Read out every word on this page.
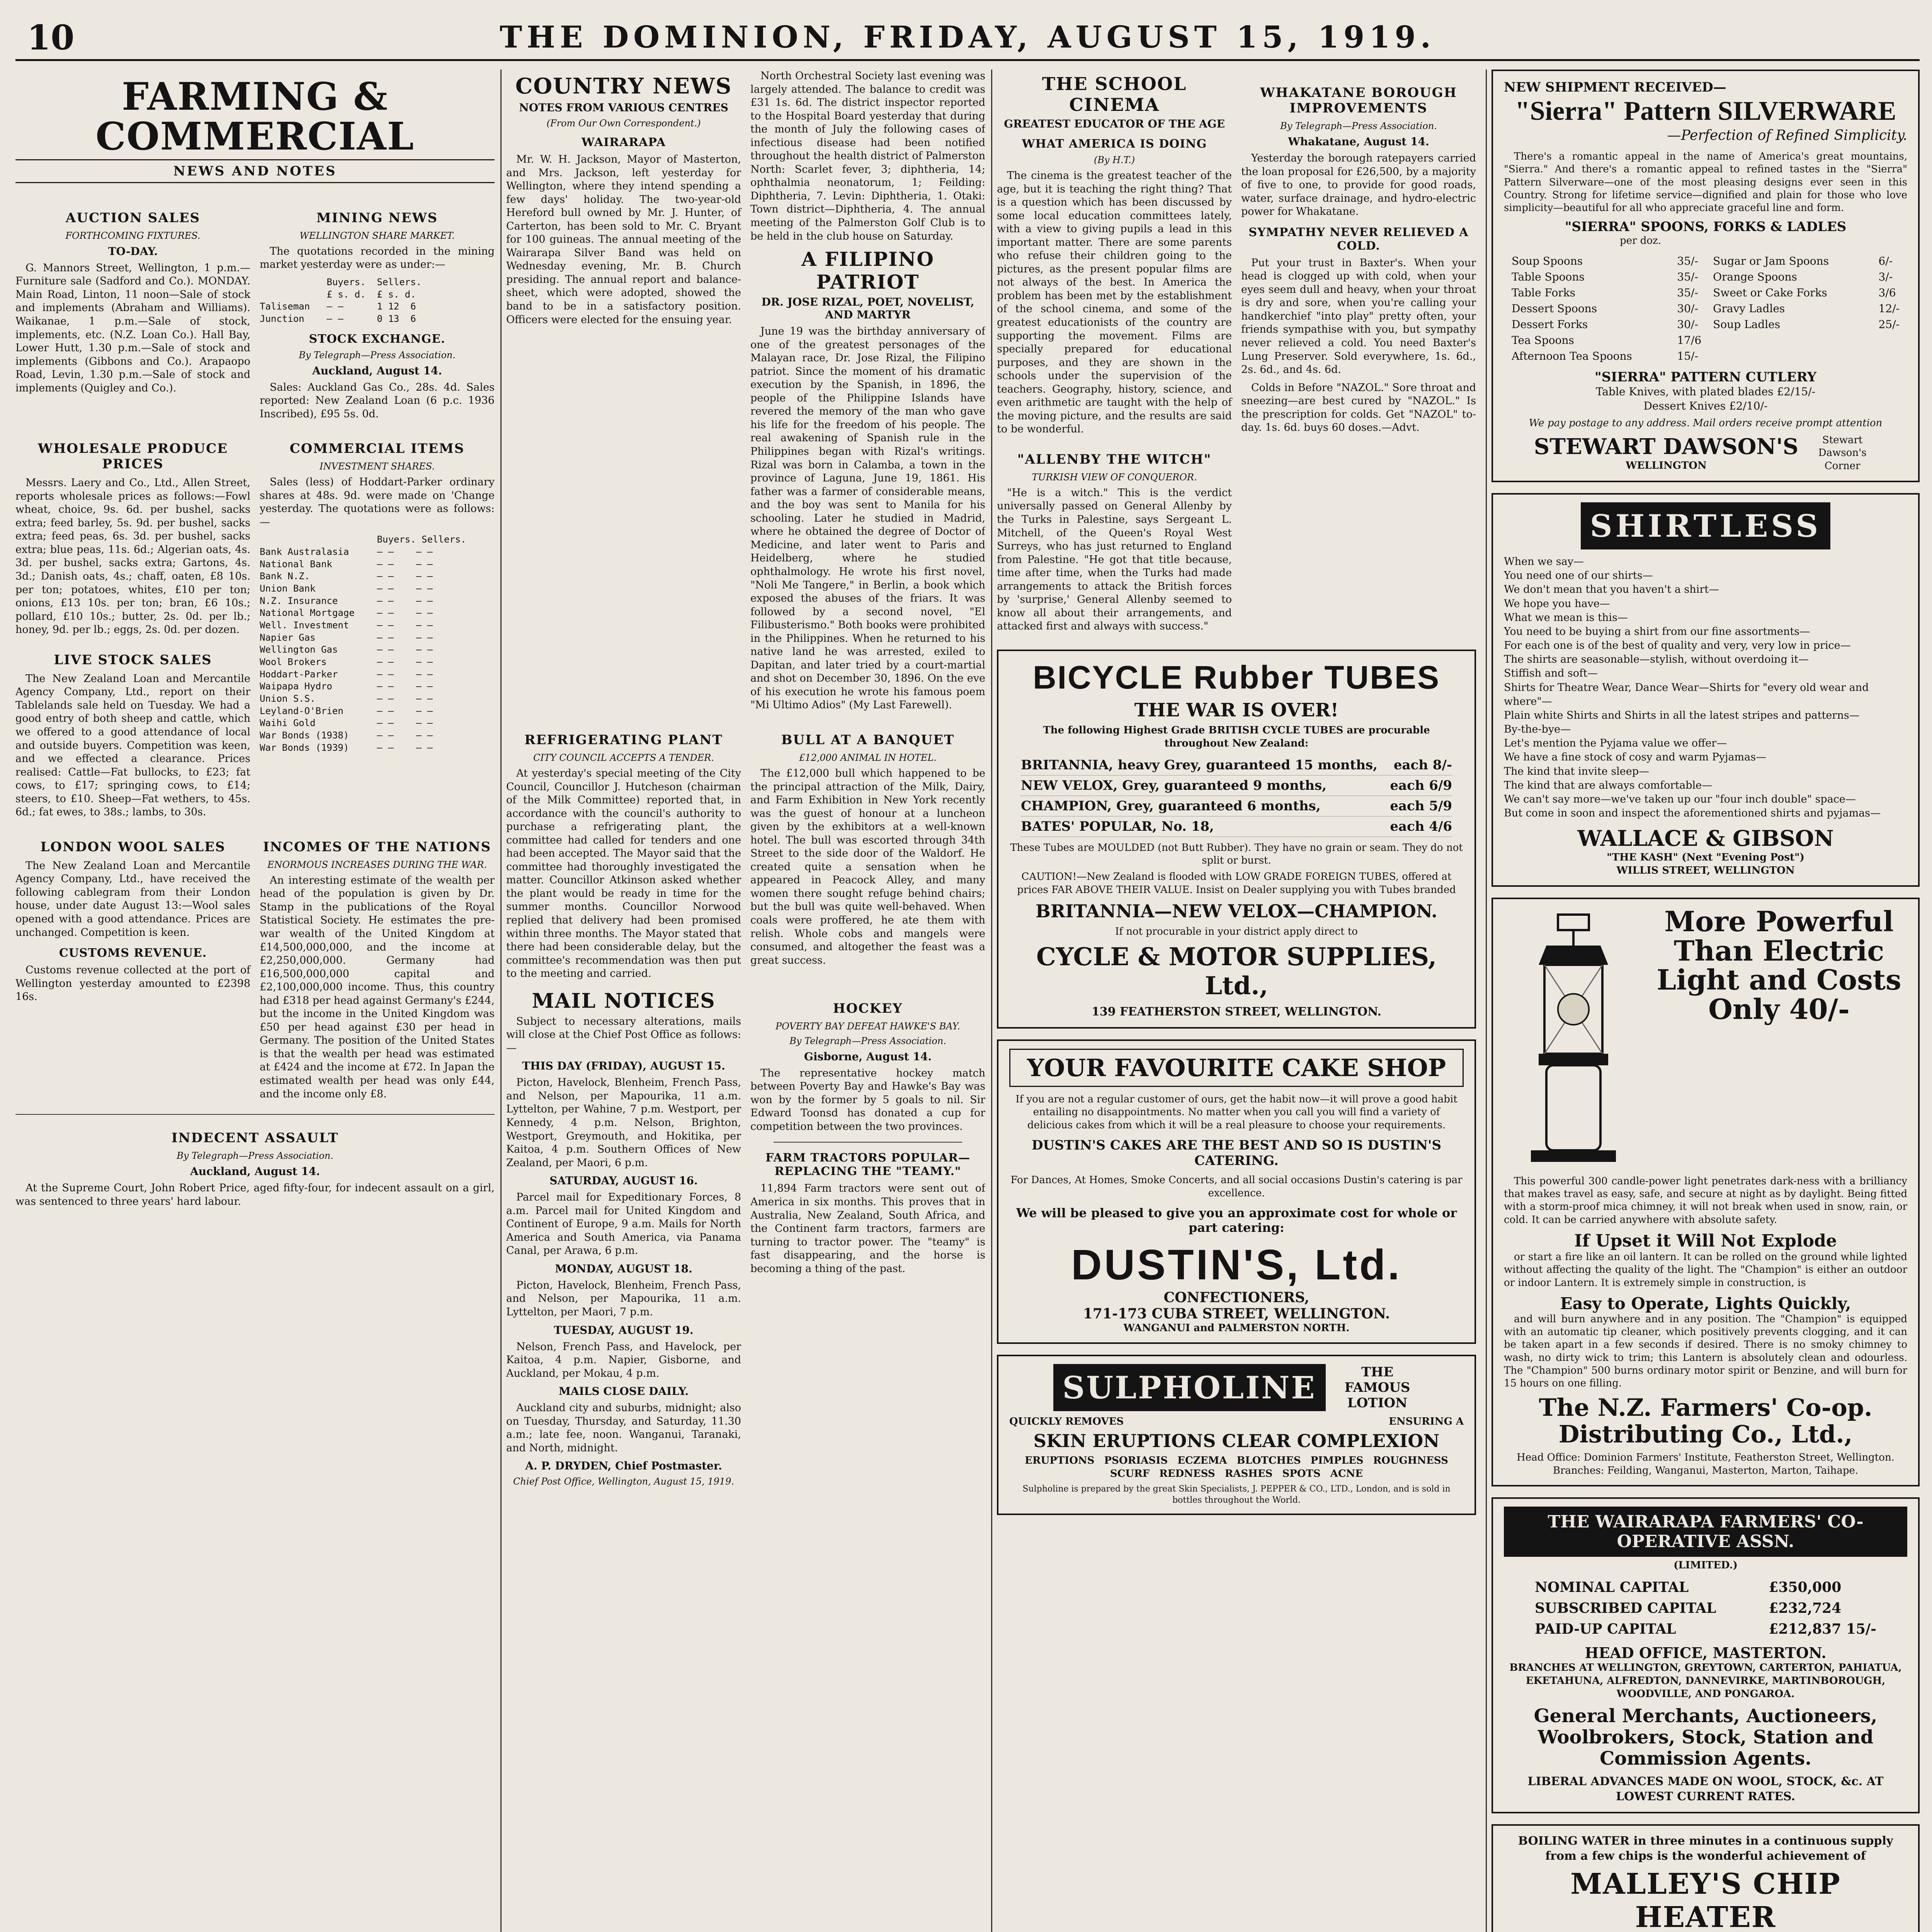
10	THE DOMINION, FRIDAY, AUGUST 15, 1919.
FARMING & COMMERCIAL
NEWS AND NOTES
AUCTION SALES
FORTHCOMING FIXTURES.
TO-DAY.

G. Mannors Street, Wellington, 1 p.m.—Furniture sale (Sadford and Co.). MONDAY. Main Road, Linton, 11 noon—Sale of stock and implements (Abraham and Williams). Waikanae, 1 p.m.—Sale of stock, implements, etc. (N.Z. Loan Co.). Hall Bay, Lower Hutt, 1.30 p.m.—Sale of stock and implements (Gibbons and Co.). Arapaopo Road, Levin, 1.30 p.m.—Sale of stock and implements (Quigley and Co.).

MINING NEWS
WELLINGTON SHARE MARKET.

The quotations recorded in the mining market yesterday were as under:—

Buyers.  Sellers.
£ s. d.  £ s. d.
Taliseman   — —      1 12  6
Junction    — —      0 13  6
STOCK EXCHANGE.
By Telegraph—Press Association.
Auckland, August 14.

Sales: Auckland Gas Co., 28s. 4d. Sales reported: New Zealand Loan (6 p.c. 1936 Inscribed), £95 5s. 0d.

WHOLESALE PRODUCE PRICES

Messrs. Laery and Co., Ltd., Allen Street, reports wholesale prices as follows:—Fowl wheat, choice, 9s. 6d. per bushel, sacks extra; feed barley, 5s. 9d. per bushel, sacks extra; feed peas, 6s. 3d. per bushel, sacks extra; blue peas, 11s. 6d.; Algerian oats, 4s. 3d. per bushel, sacks extra; Gartons, 4s. 3d.; Danish oats, 4s.; chaff, oaten, £8 10s. per ton; potatoes, whites, £10 per ton; onions, £13 10s. per ton; bran, £6 10s.; pollard, £10 10s.; butter, 2s. 0d. per lb.; honey, 9d. per lb.; eggs, 2s. 0d. per dozen.

LIVE STOCK SALES

The New Zealand Loan and Mercantile Agency Company, Ltd., report on their Tablelands sale held on Tuesday. We had a good entry of both sheep and cattle, which we offered to a good attendance of local and outside buyers. Competition was keen, and we effected a clearance. Prices realised: Cattle—Fat bullocks, to £23; fat cows, to £17; springing cows, to £14; steers, to £10. Sheep—Fat wethers, to 45s. 6d.; fat ewes, to 38s.; lambs, to 30s.

COMMERCIAL ITEMS
INVESTMENT SHARES.

Sales (less) of Hoddart-Parker ordinary shares at 48s. 9d. were made on 'Change yesterday. The quotations were as follows:—

Buyers. Sellers.
Bank Australasia     — —    — —
National Bank        — —    — —
Bank N.Z.            — —    — —
Union Bank           — —    — —
N.Z. Insurance       — —    — —
National Mortgage    — —    — —
Well. Investment     — —    — —
Napier Gas           — —    — —
Wellington Gas       — —    — —
Wool Brokers         — —    — —
Hoddart-Parker       — —    — —
Waipapa Hydro        — —    — —
Union S.S.           — —    — —
Leyland-O'Brien      — —    — —
Waihi Gold           — —    — —
War Bonds (1938)     — —    — —
War Bonds (1939)     — —    — —
LONDON WOOL SALES

The New Zealand Loan and Mercantile Agency Company, Ltd., have received the following cablegram from their London house, under date August 13:—Wool sales opened with a good attendance. Prices are unchanged. Competition is keen.

CUSTOMS REVENUE.

Customs revenue collected at the port of Wellington yesterday amounted to £2398 16s.

INCOMES OF THE NATIONS
ENORMOUS INCREASES DURING THE WAR.

An interesting estimate of the wealth per head of the population is given by Dr. Stamp in the publications of the Royal Statistical Society. He estimates the pre-war wealth of the United Kingdom at £14,500,000,000, and the income at £2,250,000,000. Germany had £16,500,000,000 capital and £2,100,000,000 income. Thus, this country had £318 per head against Germany's £244, but the income in the United Kingdom was £50 per head against £30 per head in Germany. The position of the United States is that the wealth per head was estimated at £424 and the income at £72. In Japan the estimated wealth per head was only £44, and the income only £8.

INDECENT ASSAULT
By Telegraph—Press Association.
Auckland, August 14.

At the Supreme Court, John Robert Price, aged fifty-four, for indecent assault on a girl, was sentenced to three years' hard labour.

COUNTRY NEWS
NOTES FROM VARIOUS CENTRES
(From Our Own Correspondent.)
WAIRARAPA

Mr. W. H. Jackson, Mayor of Masterton, and Mrs. Jackson, left yesterday for Wellington, where they intend spending a few days' holiday. The two-year-old Hereford bull owned by Mr. J. Hunter, of Carterton, has been sold to Mr. C. Bryant for 100 guineas. The annual meeting of the Wairarapa Silver Band was held on Wednesday evening, Mr. B. Church presiding. The annual report and balance-sheet, which were adopted, showed the band to be in a satisfactory position. Officers were elected for the ensuing year.

North Orchestral Society last evening was largely attended. The balance to credit was £31 1s. 6d. The district inspector reported to the Hospital Board yesterday that during the month of July the following cases of infectious disease had been notified throughout the health district of Palmerston North: Scarlet fever, 3; diphtheria, 14; ophthalmia neonatorum, 1; Feilding: Diphtheria, 7. Levin: Diphtheria, 1. Otaki: Town district—Diphtheria, 4. The annual meeting of the Palmerston Golf Club is to be held in the club house on Saturday.

A FILIPINO PATRIOT
DR. JOSE RIZAL, POET, NOVELIST, AND MARTYR

June 19 was the birthday anniversary of one of the greatest personages of the Malayan race, Dr. Jose Rizal, the Filipino patriot. Since the moment of his dramatic execution by the Spanish, in 1896, the people of the Philippine Islands have revered the memory of the man who gave his life for the freedom of his people. The real awakening of Spanish rule in the Philippines began with Rizal's writings. Rizal was born in Calamba, a town in the province of Laguna, June 19, 1861. His father was a farmer of considerable means, and the boy was sent to Manila for his schooling. Later he studied in Madrid, where he obtained the degree of Doctor of Medicine, and later went to Paris and Heidelberg, where he studied ophthalmology. He wrote his first novel, "Noli Me Tangere," in Berlin, a book which exposed the abuses of the friars. It was followed by a second novel, "El Filibusterismo." Both books were prohibited in the Philippines. When he returned to his native land he was arrested, exiled to Dapitan, and later tried by a court-martial and shot on December 30, 1896. On the eve of his execution he wrote his famous poem "Mi Ultimo Adios" (My Last Farewell).

REFRIGERATING PLANT
CITY COUNCIL ACCEPTS A TENDER.

At yesterday's special meeting of the City Council, Councillor J. Hutcheson (chairman of the Milk Committee) reported that, in accordance with the council's authority to purchase a refrigerating plant, the committee had called for tenders and one had been accepted. The Mayor said that the committee had thoroughly investigated the matter. Councillor Atkinson asked whether the plant would be ready in time for the summer months. Councillor Norwood replied that delivery had been promised within three months. The Mayor stated that there had been considerable delay, but the committee's recommendation was then put to the meeting and carried.

BULL AT A BANQUET
£12,000 ANIMAL IN HOTEL.

The £12,000 bull which happened to be the principal attraction of the Milk, Dairy, and Farm Exhibition in New York recently was the guest of honour at a luncheon given by the exhibitors at a well-known hotel. The bull was escorted through 34th Street to the side door of the Waldorf. He created quite a sensation when he appeared in Peacock Alley, and many women there sought refuge behind chairs; but the bull was quite well-behaved. When coals were proffered, he ate them with relish. Whole cobs and mangels were consumed, and altogether the feast was a great success.

MAIL NOTICES

Subject to necessary alterations, mails will close at the Chief Post Office as follows:—

THIS DAY (FRIDAY), AUGUST 15.

Picton, Havelock, Blenheim, French Pass, and Nelson, per Mapourika, 11 a.m. Lyttelton, per Wahine, 7 p.m. Westport, per Kennedy, 4 p.m. Nelson, Brighton, Westport, Greymouth, and Hokitika, per Kaitoa, 4 p.m. Southern Offices of New Zealand, per Maori, 6 p.m.

SATURDAY, AUGUST 16.

Parcel mail for Expeditionary Forces, 8 a.m. Parcel mail for United Kingdom and Continent of Europe, 9 a.m. Mails for North America and South America, via Panama Canal, per Arawa, 6 p.m.

MONDAY, AUGUST 18.

Picton, Havelock, Blenheim, French Pass, and Nelson, per Mapourika, 11 a.m. Lyttelton, per Maori, 7 p.m.

TUESDAY, AUGUST 19.

Nelson, French Pass, and Havelock, per Kaitoa, 4 p.m. Napier, Gisborne, and Auckland, per Mokau, 4 p.m.

MAILS CLOSE DAILY.

Auckland city and suburbs, midnight; also on Tuesday, Thursday, and Saturday, 11.30 a.m.; late fee, noon. Wanganui, Taranaki, and North, midnight.

A. P. DRYDEN, Chief Postmaster.
Chief Post Office, Wellington, August 15, 1919.
HOCKEY
POVERTY BAY DEFEAT HAWKE'S BAY.
By Telegraph—Press Association.
Gisborne, August 14.

The representative hockey match between Poverty Bay and Hawke's Bay was won by the former by 5 goals to nil. Sir Edward Toonsd has donated a cup for competition between the two provinces.

FARM TRACTORS POPULAR—REPLACING THE "TEAMY."

11,894 Farm tractors were sent out of America in six months. This proves that in Australia, New Zealand, South Africa, and the Continent farm tractors, farmers are turning to tractor power. The "teamy" is fast disappearing, and the horse is becoming a thing of the past.

THE SCHOOL CINEMA
GREATEST EDUCATOR OF THE AGE
WHAT AMERICA IS DOING
(By H.T.)

The cinema is the greatest teacher of the age, but it is teaching the right thing? That is a question which has been discussed by some local education committees lately, with a view to giving pupils a lead in this important matter. There are some parents who refuse their children going to the pictures, as the present popular films are not always of the best. In America the problem has been met by the establishment of the school cinema, and some of the greatest educationists of the country are supporting the movement. Films are specially prepared for educational purposes, and they are shown in the schools under the supervision of the teachers. Geography, history, science, and even arithmetic are taught with the help of the moving picture, and the results are said to be wonderful.

"ALLENBY THE WITCH"
TURKISH VIEW OF CONQUEROR.

"He is a witch." This is the verdict universally passed on General Allenby by the Turks in Palestine, says Sergeant L. Mitchell, of the Queen's Royal West Surreys, who has just returned to England from Palestine. "He got that title because, time after time, when the Turks had made arrangements to attack the British forces by 'surprise,' General Allenby seemed to know all about their arrangements, and attacked first and always with success."

WHAKATANE BOROUGH IMPROVEMENTS
By Telegraph—Press Association.
Whakatane, August 14.

Yesterday the borough ratepayers carried the loan proposal for £26,500, by a majority of five to one, to provide for good roads, water, surface drainage, and hydro-electric power for Whakatane.

SYMPATHY NEVER RELIEVED A COLD.

Put your trust in Baxter's. When your head is clogged up with cold, when your eyes seem dull and heavy, when your throat is dry and sore, when you're calling your handkerchief "into play" pretty often, your friends sympathise with you, but sympathy never relieved a cold. You need Baxter's Lung Preserver. Sold everywhere, 1s. 6d., 2s. 6d., and 4s. 6d.

Colds in Before "NAZOL." Sore throat and sneezing—are best cured by "NAZOL." Is the prescription for colds. Get "NAZOL" to-day. 1s. 6d. buys 60 doses.—Advt.

BICYCLE Rubber TUBES
THE WAR IS OVER!
The following Highest Grade BRITISH CYCLE TUBES are procurable throughout New Zealand:
BRITANNIA, heavy Grey, guaranteed 15 months, each 8/-
NEW VELOX, Grey, guaranteed 9 months,	each 6/9
CHAMPION, Grey, guaranteed 6 months,	each 5/9
BATES' POPULAR, No. 18,	each 4/6
These Tubes are MOULDED (not Butt Rubber). They have no grain or seam. They do not split or burst.
CAUTION!—New Zealand is flooded with LOW GRADE FOREIGN TUBES, offered at prices FAR ABOVE THEIR VALUE. Insist on Dealer supplying you with Tubes branded
BRITANNIA—NEW VELOX—CHAMPION.
If not procurable in your district apply direct to
CYCLE & MOTOR SUPPLIES, Ltd.,
139 FEATHERSTON STREET, WELLINGTON.
YOUR FAVOURITE CAKE SHOP
If you are not a regular customer of ours, get the habit now—it will prove a good habit entailing no disappointments. No matter when you call you will find a variety of delicious cakes from which it will be a real pleasure to choose your requirements.
DUSTIN'S CAKES ARE THE BEST AND SO IS DUSTIN'S CATERING.
For Dances, At Homes, Smoke Concerts, and all social occasions Dustin's catering is par excellence.
We will be pleased to give you an approximate cost for whole or part catering:
DUSTIN'S, Ltd.
CONFECTIONERS,
171-173 CUBA STREET, WELLINGTON.
WANGANUI and PALMERSTON NORTH.
SULPHOLINE	THE FAMOUS LOTION
QUICKLY REMOVES	ENSURING A
SKIN ERUPTIONS CLEAR COMPLEXION
ERUPTIONS PSORIASIS ECZEMA BLOTCHES PIMPLES ROUGHNESS SCURF REDNESS RASHES SPOTS ACNE
Sulpholine is prepared by the great Skin Specialists, J. PEPPER & CO., LTD., London, and is sold in bottles throughout the World.
NEW SHIPMENT RECEIVED—
"Sierra" Pattern SILVERWARE
—Perfection of Refined Simplicity.

There's a romantic appeal in the name of America's great mountains, "Sierra." And there's a romantic appeal to refined tastes in the "Sierra" Pattern Silverware—one of the most pleasing designs ever seen in this Country. Strong for lifetime service—dignified and plain for those who love simplicity—beautiful for all who appreciate graceful line and form.

"SIERRA" SPOONS, FORKS & LADLES
per doz.
Soup Spoons	35/- Sugar or Jam Spoons	6/-
Table Spoons	35/- Orange Spoons	3/-
Table Forks	35/- Sweet or Cake Forks	3/6
Dessert Spoons	30/- Gravy Ladles	12/-
Dessert Forks	30/- Soup Ladles	25/-
Tea Spoons	17/6
Afternoon Tea Spoons	15/-
"SIERRA" PATTERN CUTLERY
Table Knives, with plated blades £2/15/-
Dessert Knives £2/10/-
We pay postage to any address. Mail orders receive prompt attention
STEWART DAWSON'S
WELLINGTON
Stewart Dawson's Corner
SHIRTLESS
When we say—
You need one of our shirts—
We don't mean that you haven't a shirt—
We hope you have—
What we mean is this—
You need to be buying a shirt from our fine assortments—
For each one is of the best of quality and very, very low in price—
The shirts are seasonable—stylish, without overdoing it—
Stiffish and soft—
Shirts for Theatre Wear, Dance Wear—Shirts for "every old wear and where"—
Plain white Shirts and Shirts in all the latest stripes and patterns—
By-the-bye—
Let's mention the Pyjama value we offer—
We have a fine stock of cosy and warm Pyjamas—
The kind that invite sleep—
The kind that are always comfortable—
We can't say more—we've taken up our "four inch double" space—
But come in soon and inspect the aforementioned shirts and pyjamas—
WALLACE & GIBSON
"THE KASH" (Next "Evening Post")
WILLIS STREET, WELLINGTON
More Powerful Than Electric Light and Costs Only 40/-

This powerful 300 candle-power light penetrates dark-ness with a brilliancy that makes travel as easy, safe, and secure at night as by daylight. Being fitted with a storm-proof mica chimney, it will not break when used in snow, rain, or cold. It can be carried anywhere with absolute safety.

If Upset it Will Not Explode

or start a fire like an oil lantern. It can be rolled on the ground while lighted without affecting the quality of the light. The "Champion" is either an outdoor or indoor Lantern. It is extremely simple in construction, is

Easy to Operate, Lights Quickly,

and will burn anywhere and in any position. The "Champion" is equipped with an automatic tip cleaner, which positively prevents clogging, and it can be taken apart in a few seconds if desired. There is no smoky chimney to wash, no dirty wick to trim; this Lantern is absolutely clean and odourless. The "Champion" 500 burns ordinary motor spirit or Benzine, and will burn for 15 hours on one filling.

The N.Z. Farmers' Co-op. Distributing Co., Ltd.,
Head Office: Dominion Farmers' Institute, Featherston Street, Wellington.
Branches: Feilding, Wanganui, Masterton, Marton, Taihape.
THE WAIRARAPA FARMERS' CO-OPERATIVE ASSN.
(LIMITED.)
NOMINAL CAPITAL	£350,000
SUBSCRIBED CAPITAL	£232,724
PAID-UP CAPITAL	£212,837 15/-
HEAD OFFICE, MASTERTON.
BRANCHES AT WELLINGTON, GREYTOWN, CARTERTON, PAHIATUA, EKETAHUNA, ALFREDTON, DANNEVIRKE, MARTINBOROUGH, WOODVILLE, AND PONGAROA.
General Merchants, Auctioneers, Woolbrokers, Stock, Station and Commission Agents.
LIBERAL ADVANCES MADE ON WOOL, STOCK, &c. AT LOWEST CURRENT RATES.
BOILING WATER in three minutes in a continuous supply from a few chips is the wonderful achievement of
MALLEY'S CHIP HEATER
